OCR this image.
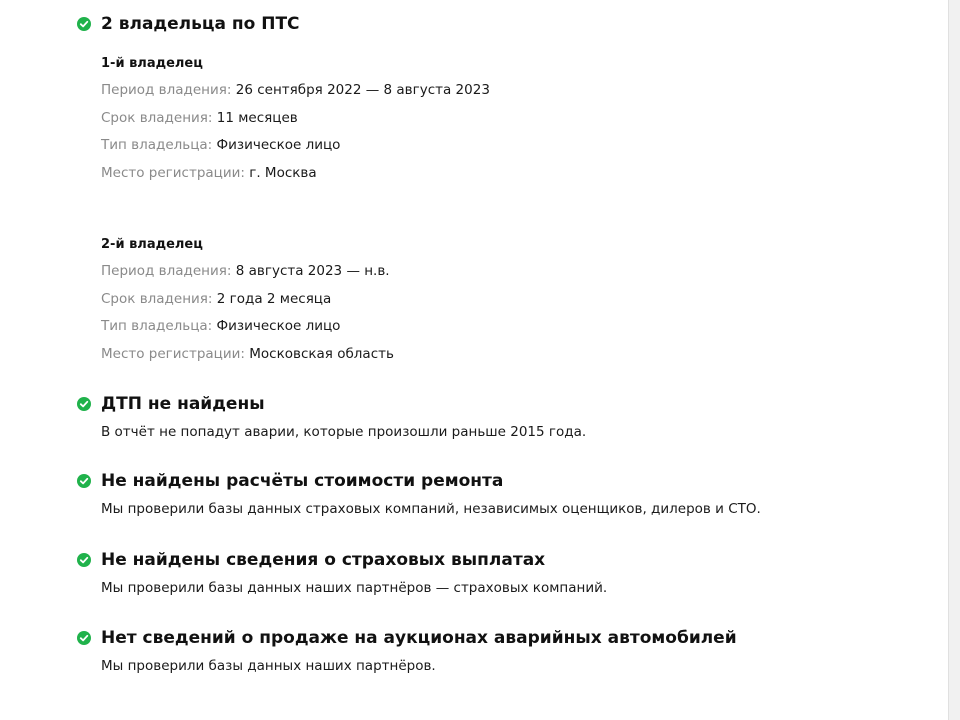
2 владельца по ПТС
1-й владелец
Период владения: 26 сентября 2022 — 8 августа 2023
Срок владения: 11 месяцев
Тип владельца: Физическое лицо
Место регистрации: г. Москва
2-й владелец
Период владения: 8 августа 2023 — н.в.
Срок владения: 2 года 2 месяца
Тип владельца: Физическое лицо
Место регистрации: Московская область
ДТП не найдены
В отчёт не попадут аварии, которые произошли раньше 2015 года.
Не найдены расчёты стоимости ремонта
Мы проверили базы данных страховых компаний, независимых оценщиков, дилеров и СТО.
Не найдены сведения о страховых выплатах
Мы проверили базы данных наших партнёров — страховых компаний.
Нет сведений о продаже на аукционах аварийных автомобилей
Мы проверили базы данных наших партнёров.
